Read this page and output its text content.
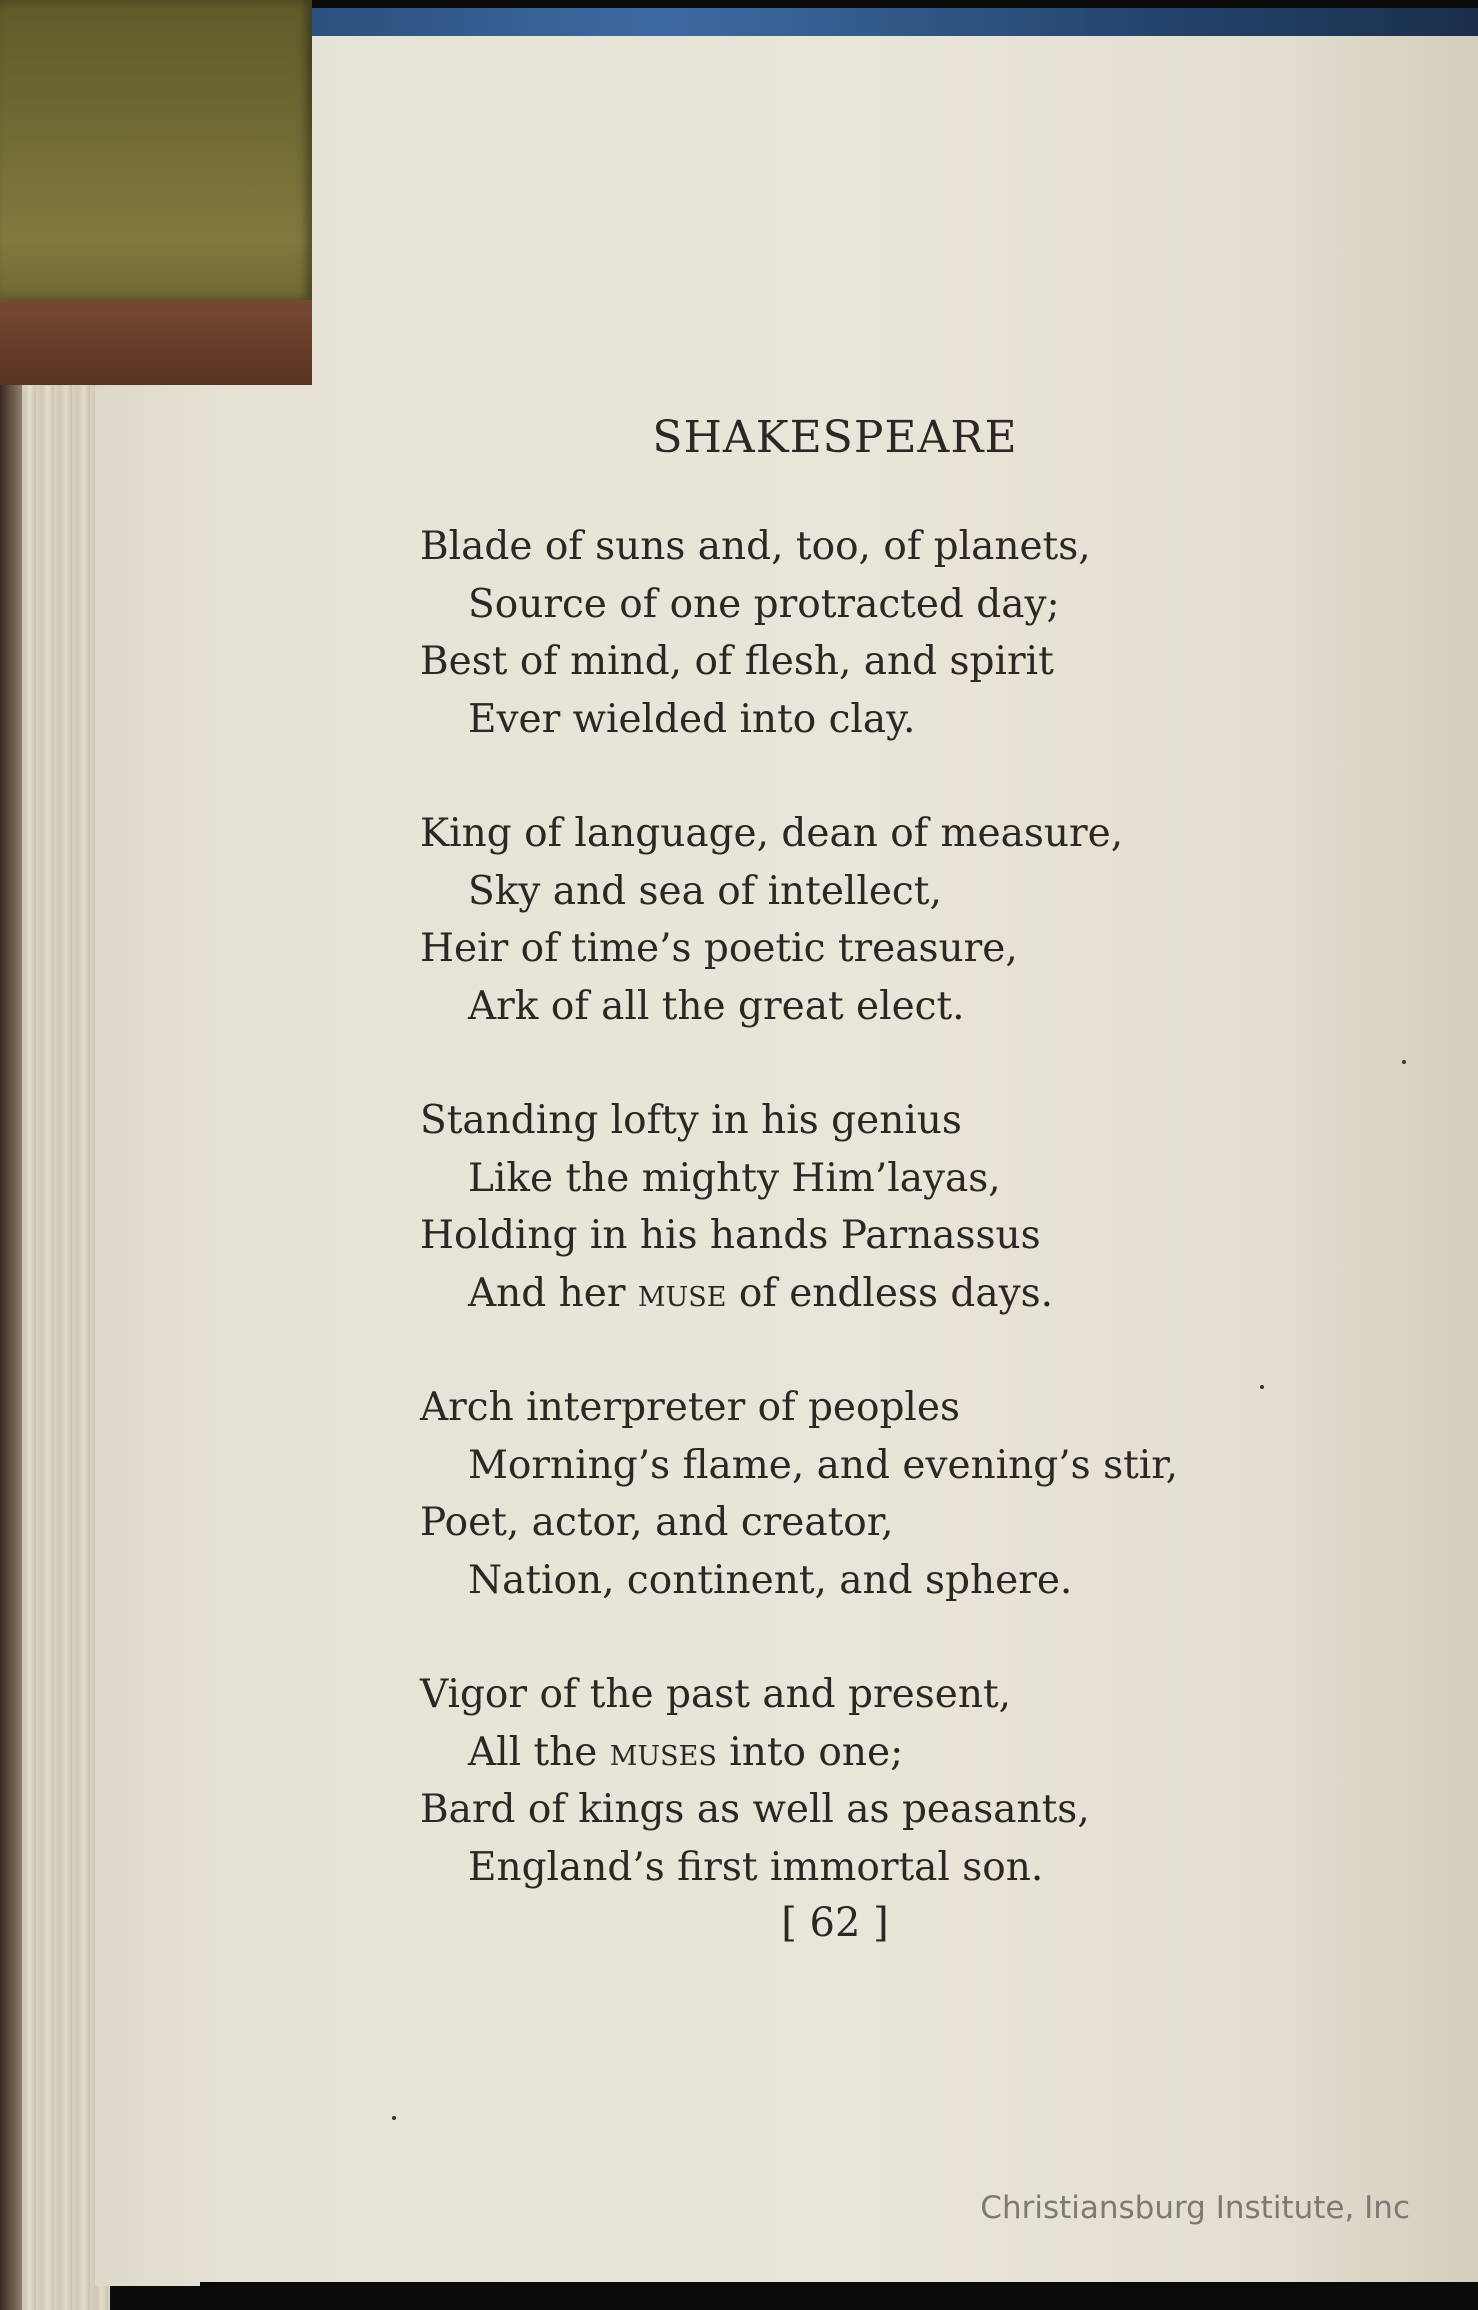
SHAKESPEARE
Blade of suns and, too, of planets,
Source of one protracted day;
Best of mind, of flesh, and spirit
Ever wielded into clay.
King of language, dean of measure,
Sky and sea of intellect,
Heir of time’s poetic treasure,
Ark of all the great elect.
Standing lofty in his genius
Like the mighty Him’layas,
Holding in his hands Parnassus
And her muse of endless days.
Arch interpreter of peoples
Morning’s flame, and evening’s stir,
Poet, actor, and creator,
Nation, continent, and sphere.
Vigor of the past and present,
All the muses into one;
Bard of kings as well as peasants,
England’s first immortal son.
[ 62 ]
Christiansburg Institute, Inc
